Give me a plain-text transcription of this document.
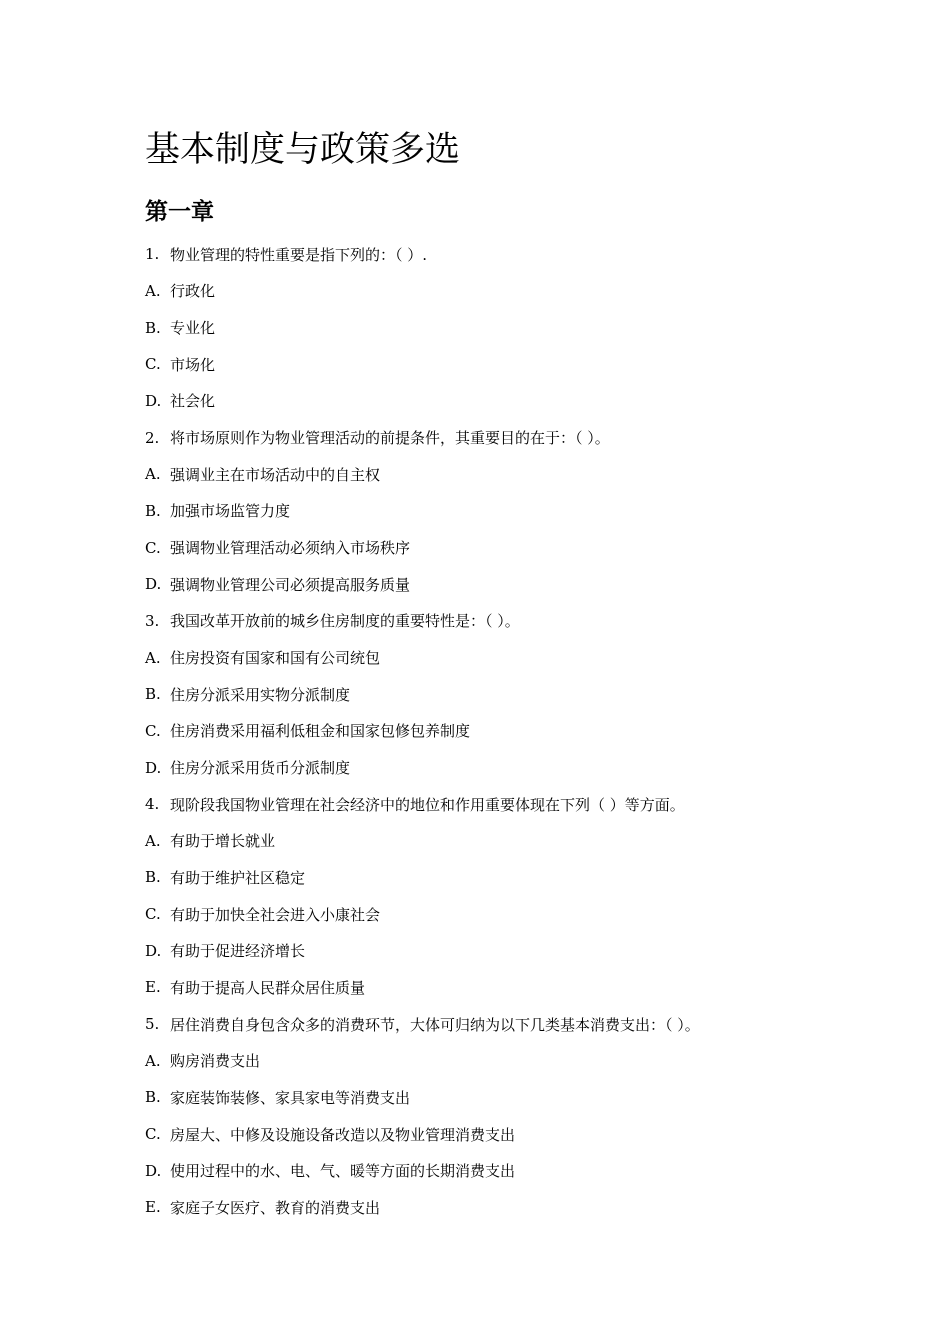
基本制度与政策多选
第一章
1. 物业管理的特性重要是指下列的：（ ）.
A. 行政化
B. 专业化
C. 市场化
D. 社会化
2. 将市场原则作为物业管理活动的前提条件，其重要目的在于：（ ）。
A. 强调业主在市场活动中的自主权
B. 加强市场监管力度
C. 强调物业管理活动必须纳入市场秩序
D. 强调物业管理公司必须提高服务质量
3. 我国改革开放前的城乡住房制度的重要特性是：（ ）。
A. 住房投资有国家和国有公司统包
B. 住房分派采用实物分派制度
C. 住房消费采用福利低租金和国家包修包养制度
D. 住房分派采用货币分派制度
4. 现阶段我国物业管理在社会经济中的地位和作用重要体现在下列（ ）等方面。
A. 有助于增长就业
B. 有助于维护社区稳定
C. 有助于加快全社会进入小康社会
D. 有助于促进经济增长
E. 有助于提高人民群众居住质量
5. 居住消费自身包含众多的消费环节，大体可归纳为以下几类基本消费支出：（ ）。
A. 购房消费支出
B. 家庭装饰装修、家具家电等消费支出
C. 房屋大、中修及设施设备改造以及物业管理消费支出
D. 使用过程中的水、电、气、暖等方面的长期消费支出
E. 家庭子女医疗、教育的消费支出
